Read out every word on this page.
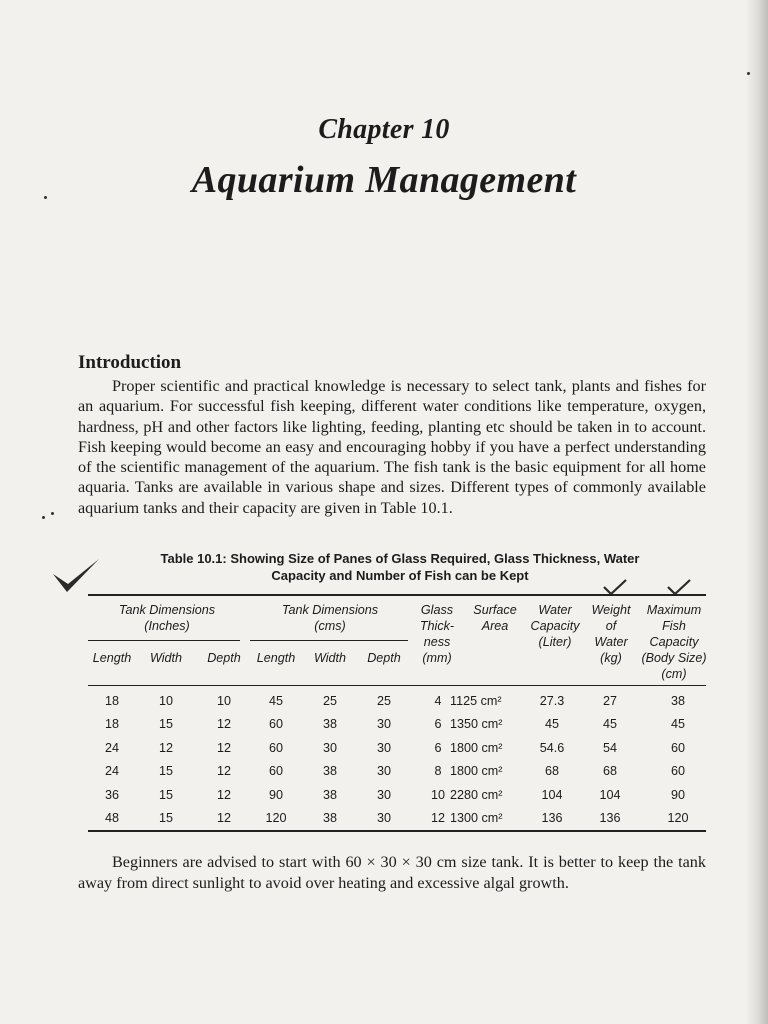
Chapter 10
Aquarium Management
Introduction

Proper scientific and practical knowledge is necessary to select tank, plants and fishes for an aquarium. For successful fish keeping, different water conditions like temperature, oxygen, hardness, pH and other factors like lighting, feeding, planting etc should be taken in to account. Fish keeping would become an easy and encouraging hobby if you have a perfect understanding of the scientific management of the aquarium. The fish tank is the basic equipment for all home aquaria. Tanks are available in various shape and sizes. Different types of commonly available aquarium tanks and their capacity are given in Table 10.1.

Table 10.1: Showing Size of Panes of Glass Required, Glass Thickness, Water
Capacity and Number of Fish can be Kept
Tank Dimensions
(Inches)
Tank Dimensions
(cms)
Glass
Thick-
ness
(mm)
Surface
Area
Water
Capacity
(Liter)
Weight
of
Water
(kg)
Maximum
Fish
Capacity
(Body Size)
(cm)
Length	Width	Depth	Length	Width	Depth
18	10	10	45	25	25	4 1125 cm²	27.3	27	38
18	15	12	60	38	30	6 1350 cm²	45	45	45
24	12	12	60	30	30	6 1800 cm²	54.6	54	60
24	15	12	60	38	30	8 1800 cm²	68	68	60
36	15	12	90	38	30	10 2280 cm²	104	104	90
48	15	12	120	38	30	12 1300 cm²	136	136	120

Beginners are advised to start with 60 × 30 × 30 cm size tank. It is better to keep the tank away from direct sunlight to avoid over heating and excessive algal growth.
